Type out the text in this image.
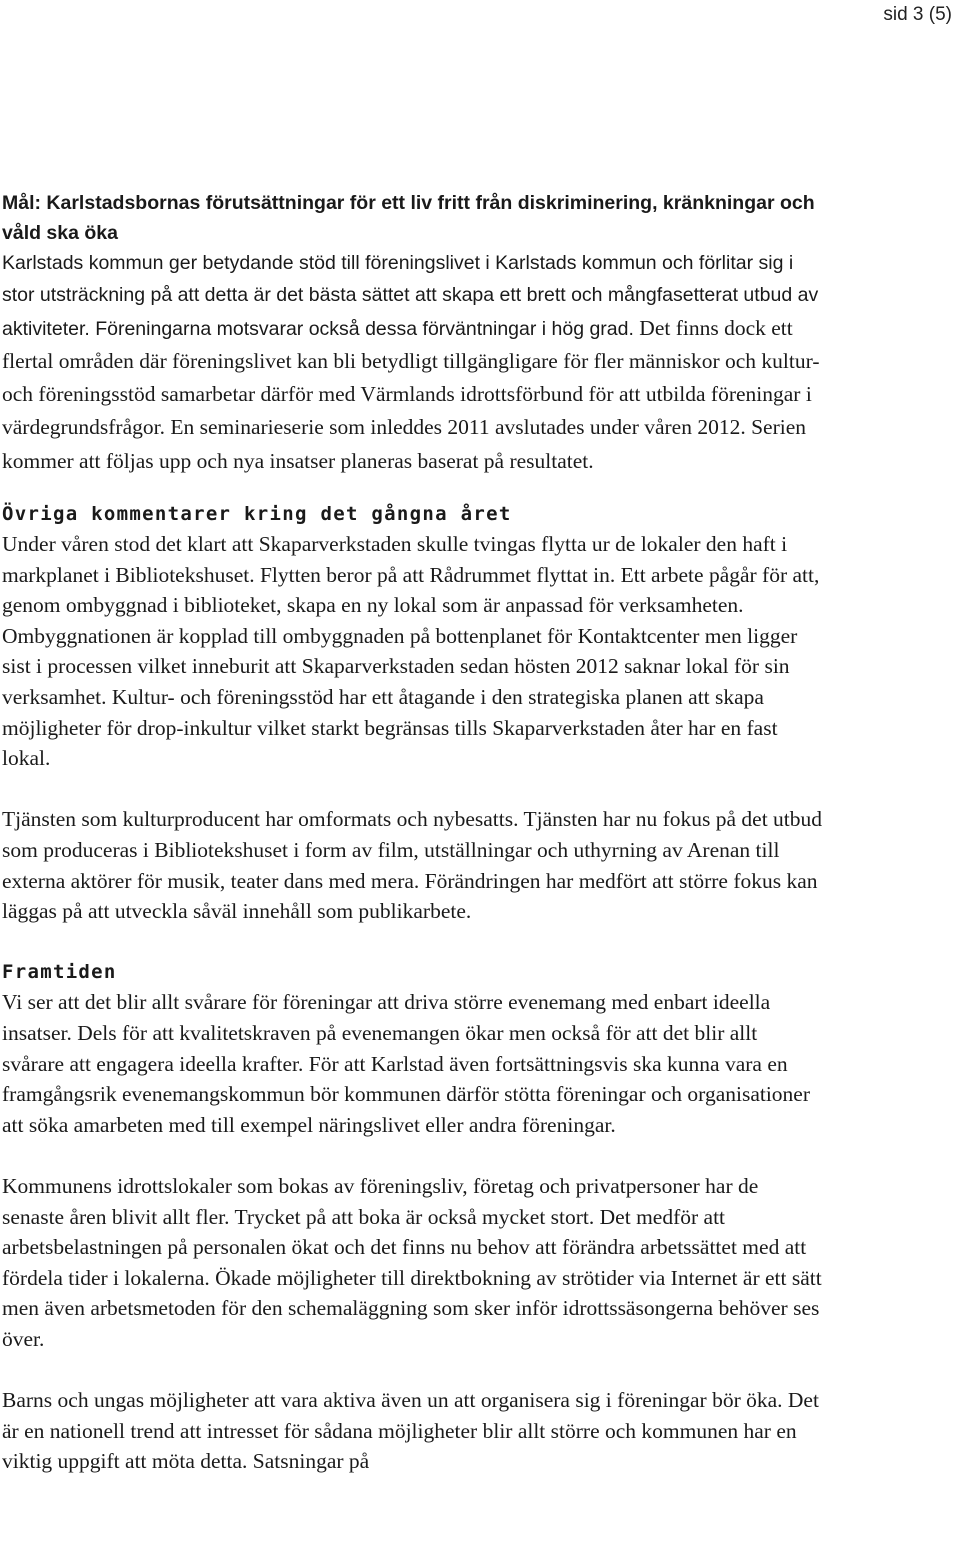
sid 3 (5)
Mål: Karlstadsbornas förutsättningar för ett liv fritt från diskriminering, kränkningar och våld ska öka

Karlstads kommun ger betydande stöd till föreningslivet i Karlstads kommun och förlitar sig i stor utsträckning på att detta är det bästa sättet att skapa ett brett och mångfasetterat utbud av aktiviteter. Föreningarna motsvarar också dessa förväntningar i hög grad. Det finns dock ett flertal områden där föreningslivet kan bli betydligt tillgängligare för fler människor och kultur- och föreningsstöd samarbetar därför med Värmlands idrottsförbund för att utbilda föreningar i värdegrundsfrågor. En seminarieserie som inleddes 2011 avslutades under våren 2012. Serien kommer att följas upp och nya insatser planeras baserat på resultatet.

Övriga kommentarer kring det gångna året

Under våren stod det klart att Skaparverkstaden skulle tvingas flytta ur de lokaler den haft i markplanet i Bibliotekshuset. Flytten beror på att Rådrummet flyttat in. Ett arbete pågår för att, genom ombyggnad i biblioteket, skapa en ny lokal som är anpassad för verksamheten. Ombyggnationen är kopplad till ombyggnaden på bottenplanet för Kontaktcenter men ligger sist i processen vilket inneburit att Skaparverkstaden sedan hösten 2012 saknar lokal för sin verksamhet. Kultur- och föreningsstöd har ett åtagande i den strategiska planen att skapa möjligheter för drop-inkultur vilket starkt begränsas tills Skaparverkstaden åter har en fast lokal.

Tjänsten som kulturproducent har omformats och nybesatts. Tjänsten har nu fokus på det utbud som produceras i Bibliotekshuset i form av film, utställningar och uthyrning av Arenan till externa aktörer för musik, teater dans med mera. Förändringen har medfört att större fokus kan läggas på att utveckla såväl innehåll som publikarbete.

Framtiden

Vi ser att det blir allt svårare för föreningar att driva större evenemang med enbart ideella insatser. Dels för att kvalitetskraven på evenemangen ökar men också för att det blir allt svårare att engagera ideella krafter. För att Karlstad även fortsättningsvis ska kunna vara en framgångsrik evenemangskommun bör kommunen därför stötta föreningar och organisationer att söka amarbeten med till exempel näringslivet eller andra föreningar.

Kommunens idrottslokaler som bokas av föreningsliv, företag och privatpersoner har de senaste åren blivit allt fler. Trycket på att boka är också mycket stort. Det medför att arbetsbelastningen på personalen ökat och det finns nu behov att förändra arbetssättet med att fördela tider i lokalerna. Ökade möjligheter till direktbokning av strötider via Internet är ett sätt men även arbetsmetoden för den schemaläggning som sker inför idrottssäsongerna behöver ses över.

Barns och ungas möjligheter att vara aktiva även un att organisera sig i föreningar bör öka. Det är en nationell trend att intresset för sådana möjligheter blir allt större och kommunen har en viktig uppgift att möta detta. Satsningar på
